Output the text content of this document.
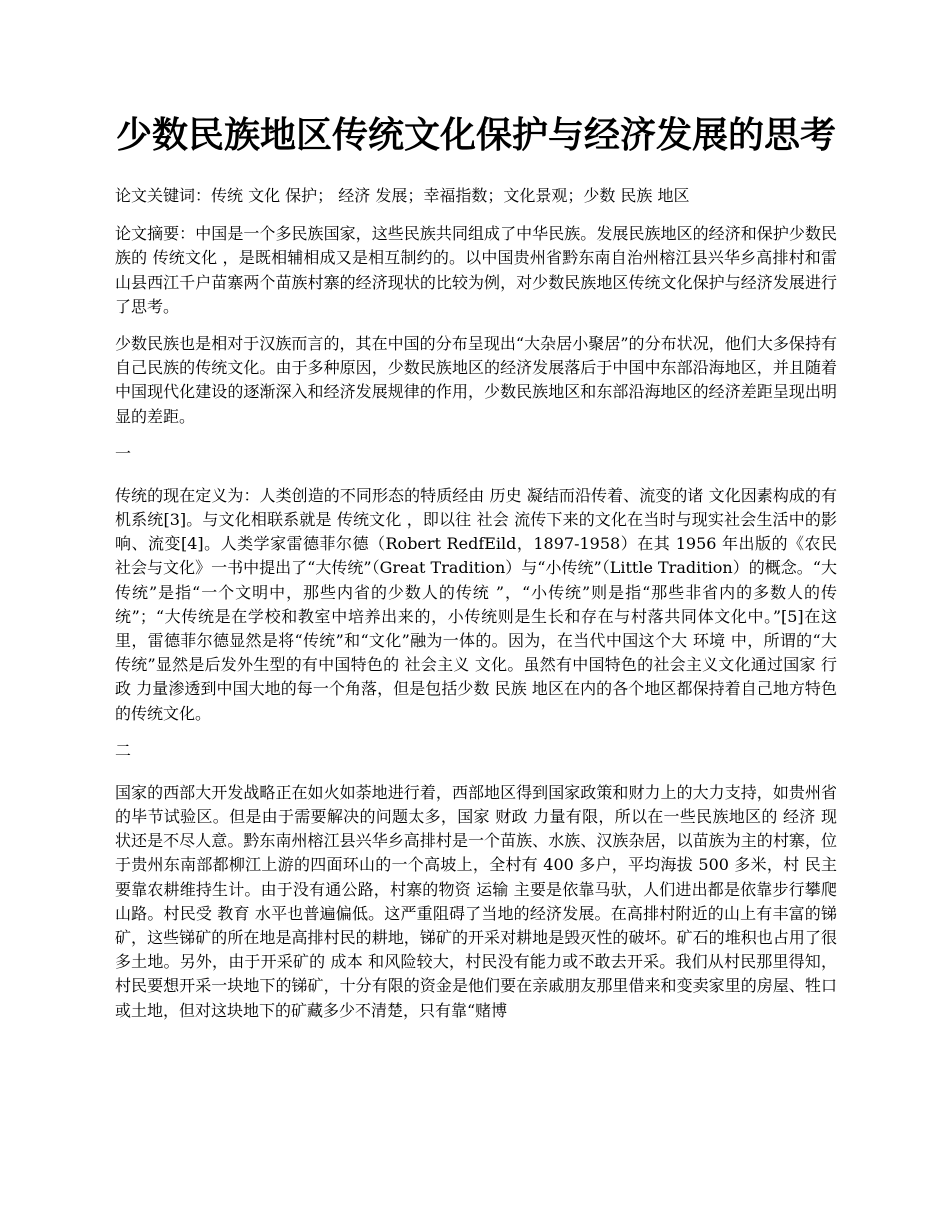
少数民族地区传统文化保护与经济发展的思考

论文关键词：传统 文化 保护； 经济 发展；幸福指数；文化景观；少数 民族 地区

论文摘要：中国是一个多民族国家，这些民族共同组成了中华民族。发展民族地区的经济和保护少数民族的 传统文化 ，是既相辅相成又是相互制约的。以中国贵州省黔东南自治州榕江县兴华乡高排村和雷山县西江千户苗寨两个苗族村寨的经济现状的比较为例，对少数民族地区传统文化保护与经济发展进行了思考。

少数民族也是相对于汉族而言的，其在中国的分布呈现出“大杂居小聚居”的分布状况，他们大多保持有自己民族的传统文化。由于多种原因，少数民族地区的经济发展落后于中国中东部沿海地区，并且随着中国现代化建设的逐渐深入和经济发展规律的作用，少数民族地区和东部沿海地区的经济差距呈现出明显的差距。

一

传统的现在定义为：人类创造的不同形态的特质经由 历史 凝结而沿传着、流变的诸 文化因素构成的有机系统[3]。与文化相联系就是 传统文化 ，即以往 社会 流传下来的文化在当时与现实社会生活中的影响、流变[4]。人类学家雷德菲尔德（Robert RedfEild，1897-1958）在其 1956 年出版的《农民社会与文化》一书中提出了“大传统”（Great Tradition）与“小传统”（Little Tradition）的概念。“大传统”是指“一个文明中，那些内省的少数人的传统 ”，“小传统”则是指“那些非省内的多数人的传统”；“大传统是在学校和教室中培养出来的，小传统则是生长和存在与村落共同体文化中。”[5]在这里，雷德菲尔德显然是将“传统”和“文化”融为一体的。因为，在当代中国这个大 环境 中，所谓的“大传统”显然是后发外生型的有中国特色的 社会主义 文化。虽然有中国特色的社会主义文化通过国家 行政 力量渗透到中国大地的每一个角落，但是包括少数 民族 地区在内的各个地区都保持着自己地方特色的传统文化。

二

国家的西部大开发战略正在如火如荼地进行着，西部地区得到国家政策和财力上的大力支持，如贵州省的毕节试验区。但是由于需要解决的问题太多，国家 财政 力量有限，所以在一些民族地区的 经济 现状还是不尽人意。黔东南州榕江县兴华乡高排村是一个苗族、水族、汉族杂居，以苗族为主的村寨，位于贵州东南部都柳江上游的四面环山的一个高坡上，全村有 400 多户，平均海拔 500 多米，村 民主 要靠农耕维持生计。由于没有通公路，村寨的物资 运输 主要是依靠马驮，人们进出都是依靠步行攀爬山路。村民受 教育 水平也普遍偏低。这严重阻碍了当地的经济发展。在高排村附近的山上有丰富的锑矿，这些锑矿的所在地是高排村民的耕地，锑矿的开采对耕地是毁灭性的破坏。矿石的堆积也占用了很多土地。另外，由于开采矿的 成本 和风险较大，村民没有能力或不敢去开采。我们从村民那里得知，村民要想开采一块地下的锑矿，十分有限的资金是他们要在亲戚朋友那里借来和变卖家里的房屋、牲口或土地，但对这块地下的矿藏多少不清楚，只有靠“赌博
